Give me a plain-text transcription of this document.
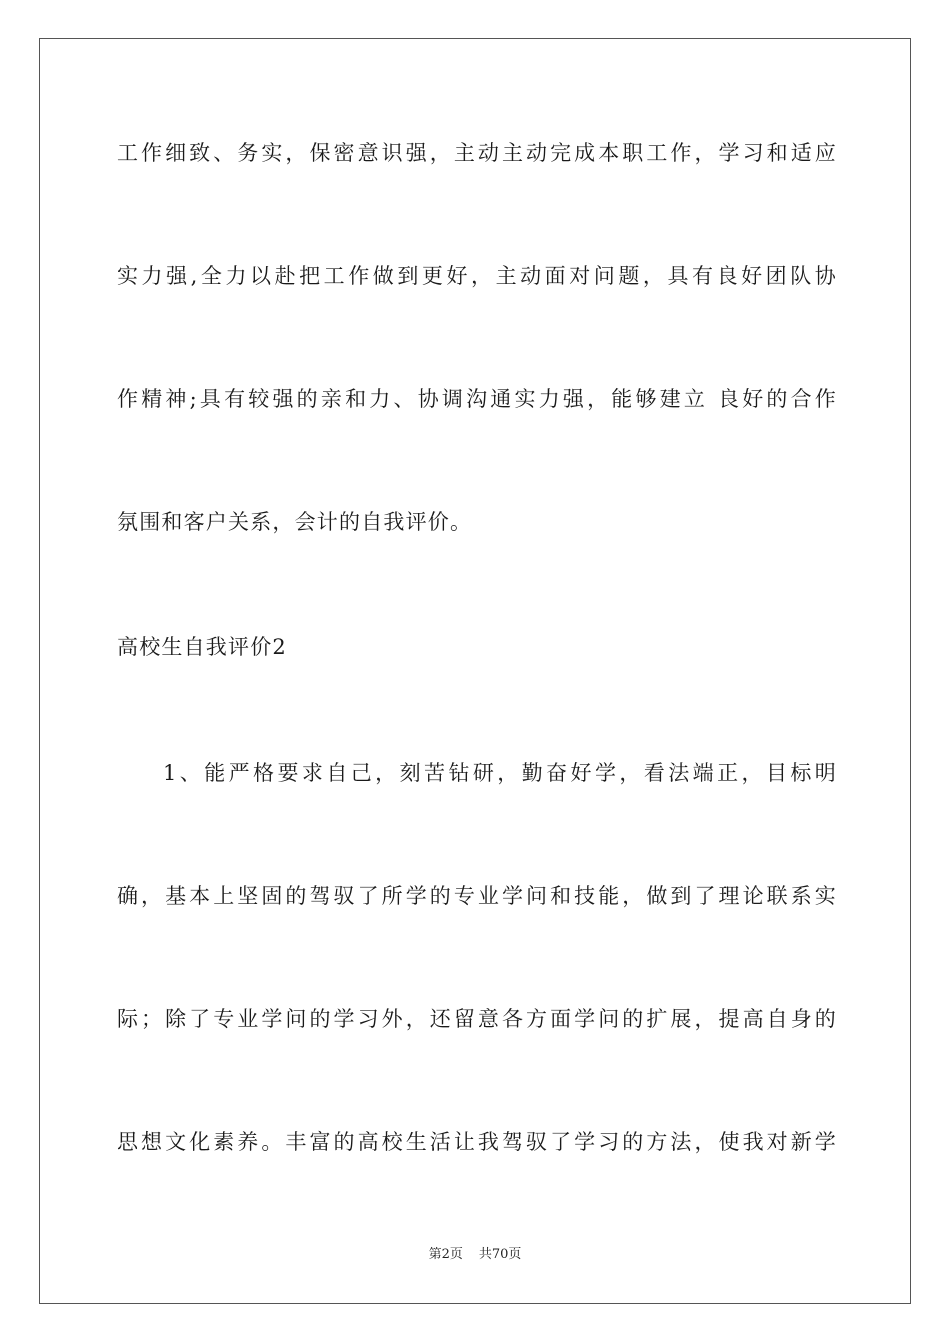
工作细致、务实，保密意识强，主动主动完成本职工作，学习和适应
实力强,全力以赴把工作做到更好，主动面对问题，具有良好团队协
作精神;具有较强的亲和力、协调沟通实力强，能够建立 良好的合作
氛围和客户关系，会计的自我评价。
高校生自我评价2
1、能严格要求自己，刻苦钻研，勤奋好学，看法端正，目标明
确，基本上坚固的驾驭了所学的专业学问和技能，做到了理论联系实
际；除了专业学问的学习外，还留意各方面学问的扩展，提高自身的
思想文化素养。丰富的高校生活让我驾驭了学习的方法，使我对新学
第2页 共70页
